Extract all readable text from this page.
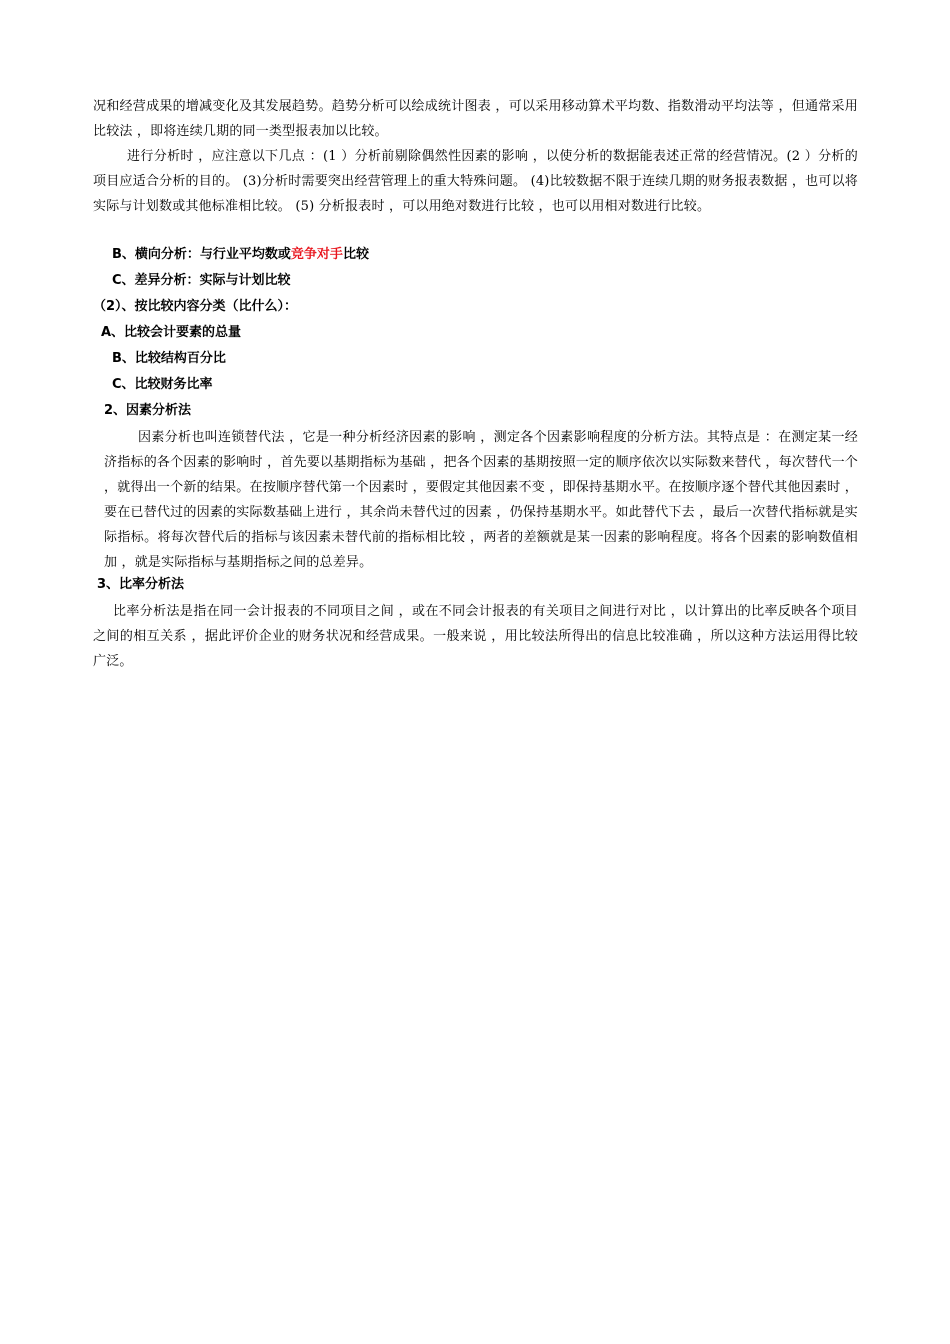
况和经营成果的增减变化及其发展趋势。趋势分析可以绘成统计图表 ，可以采用移动算术平均数、指数滑动平均法等 ，但通常采用比较法 ，即将连续几期的同一类型报表加以比较。
进行分析时 ，应注意以下几点 ：(1 ）分析前剔除偶然性因素的影响 ，以使分析的数据能表述正常的经营情况。(2 ）分析的项目应适合分析的目的。 (3)分析时需要突出经营管理上的重大特殊问题。 (4)比较数据不限于连续几期的财务报表数据 ，也可以将实际与计划数或其他标准相比较。 (5) 分析报表时 ，可以用绝对数进行比较 ，也可以用相对数进行比较。
B、横向分析：与行业平均数或竞争对手比较
C、差异分析：实际与计划比较
（2）、按比较内容分类（比什么）：
A、比较会计要素的总量
B、比较结构百分比
C、比较财务比率
2、因素分析法
因素分析也叫连锁替代法 ，它是一种分析经济因素的影响 ，测定各个因素影响程度的分析方法。其特点是 ：在测定某一经济指标的各个因素的影响时 ，首先要以基期指标为基础 ，把各个因素的基期按照一定的顺序依次以实际数来替代 ，每次替代一个 ，就得出一个新的结果。在按顺序替代第一个因素时 ，要假定其他因素不变 ，即保持基期水平。在按顺序逐个替代其他因素时 ，要在已替代过的因素的实际数基础上进行 ，其余尚未替代过的因素 ，仍保持基期水平。如此替代下去 ，最后一次替代指标就是实际指标。将每次替代后的指标与该因素未替代前的指标相比较 ，两者的差额就是某一因素的影响程度。将各个因素的影响数值相加 ，就是实际指标与基期指标之间的总差异。
3、比率分析法
比率分析法是指在同一会计报表的不同项目之间 ，或在不同会计报表的有关项目之间进行对比 ，以计算出的比率反映各个项目之间的相互关系 ，据此评价企业的财务状况和经营成果。一般来说 ，用比较法所得出的信息比较准确 ，所以这种方法运用得比较广泛。
